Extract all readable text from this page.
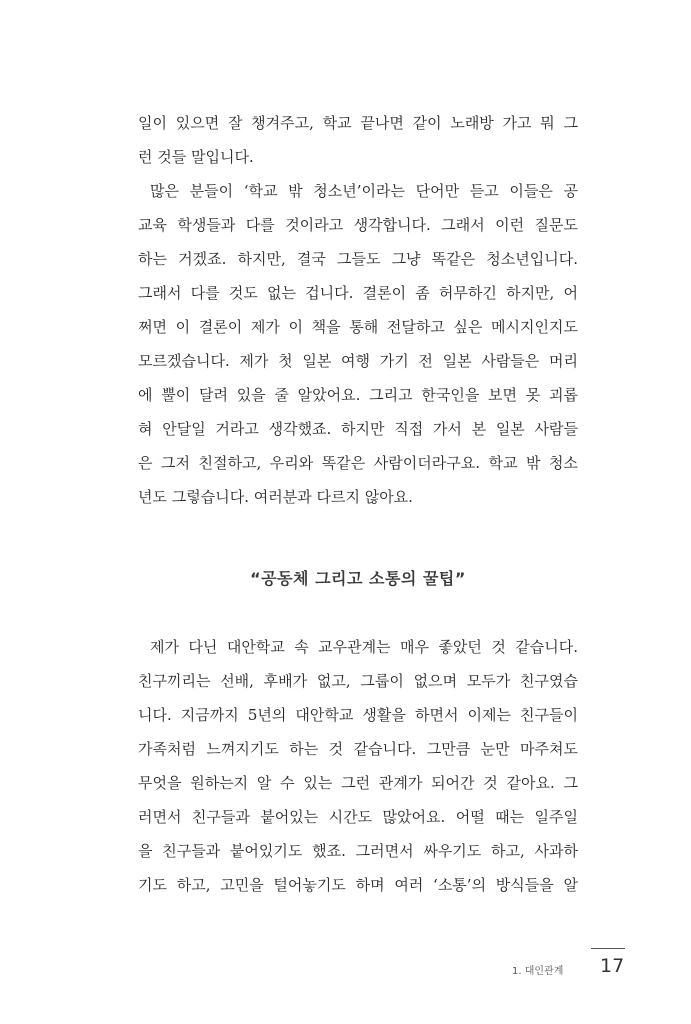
일이 있으면 잘 챙겨주고, 학교 끝나면 같이 노래방 가고 뭐 그
런 것들 말입니다.
많은 분들이 ‘학교 밖 청소년’이라는 단어만 듣고 이들은 공
교육 학생들과 다를 것이라고 생각합니다. 그래서 이런 질문도
하는 거겠죠. 하지만, 결국 그들도 그냥 똑같은 청소년입니다.
그래서 다를 것도 없는 겁니다. 결론이 좀 허무하긴 하지만, 어
쩌면 이 결론이 제가 이 책을 통해 전달하고 싶은 메시지인지도
모르겠습니다. 제가 첫 일본 여행 가기 전 일본 사람들은 머리
에 뿔이 달려 있을 줄 알았어요. 그리고 한국인을 보면 못 괴롭
혀 안달일 거라고 생각했죠. 하지만 직접 가서 본 일본 사람들
은 그저 친절하고, 우리와 똑같은 사람이더라구요. 학교 밖 청소
년도 그렇습니다. 여러분과 다르지 않아요.
“공동체 그리고 소통의 꿀팁”
제가 다닌 대안학교 속 교우관계는 매우 좋았던 것 같습니다.
친구끼리는 선배, 후배가 없고, 그룹이 없으며 모두가 친구였습
니다. 지금까지 5년의 대안학교 생활을 하면서 이제는 친구들이
가족처럼 느껴지기도 하는 것 같습니다. 그만큼 눈만 마주쳐도
무엇을 원하는지 알 수 있는 그런 관계가 되어간 것 같아요. 그
러면서 친구들과 붙어있는 시간도 많았어요. 어떨 때는 일주일
을 친구들과 붙어있기도 했죠. 그러면서 싸우기도 하고, 사과하
기도 하고, 고민을 털어놓기도 하며 여러 ‘소통’의 방식들을 알
1. 대인관계 17
